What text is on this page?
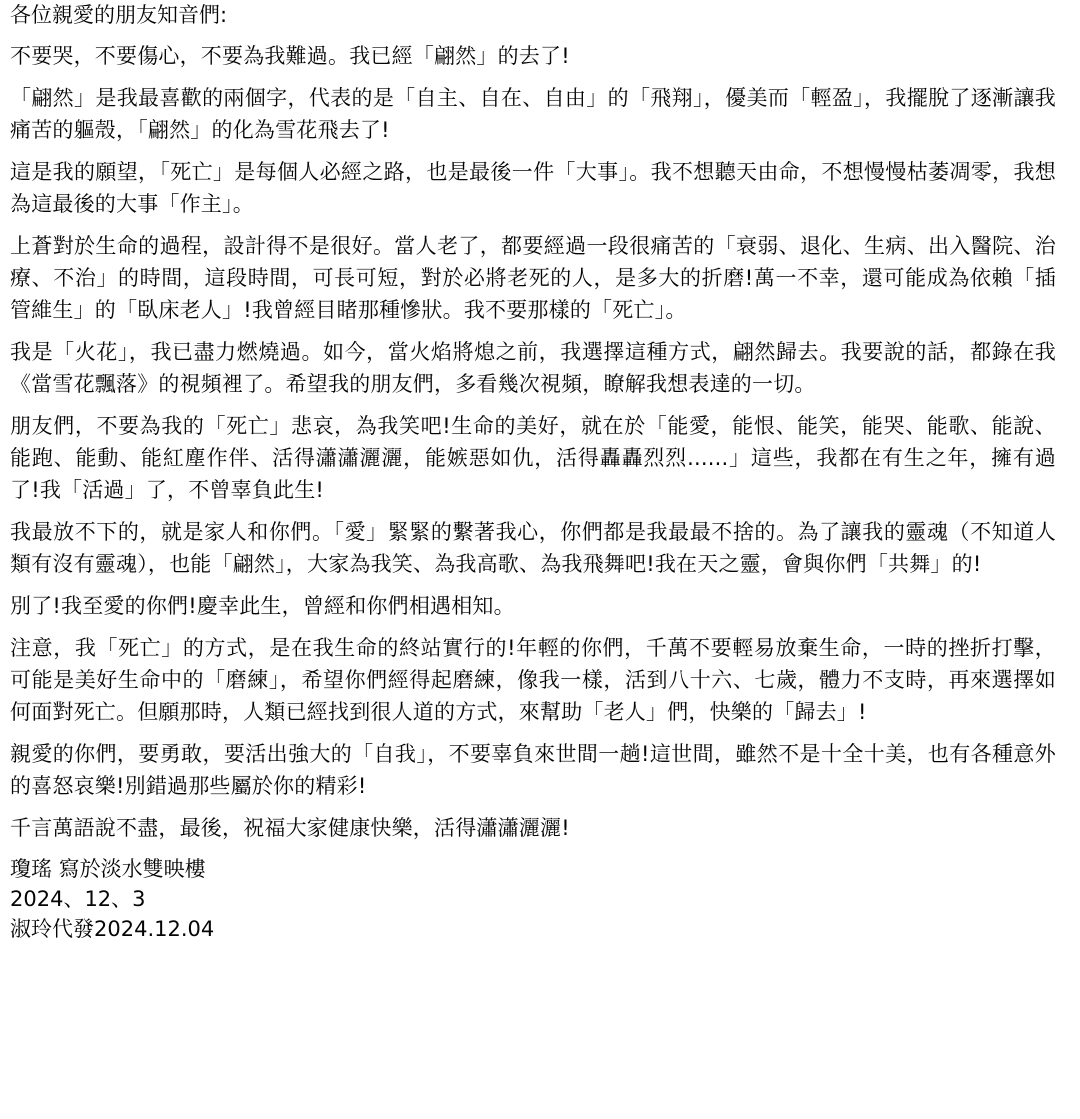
各位親愛的朋友知音們:

不要哭，不要傷心，不要為我難過。我已經「翩然」的去了!

「翩然」是我最喜歡的兩個字，代表的是「自主、自在、自由」的「飛翔」，優美而「輕盈」，我擺脫了逐漸讓我痛苦的軀殼，「翩然」的化為雪花飛去了!

這是我的願望，「死亡」是每個人必經之路，也是最後一件「大事」。我不想聽天由命，不想慢慢枯萎凋零，我想為這最後的大事「作主」。

上蒼對於生命的過程，設計得不是很好。當人老了，都要經過一段很痛苦的「衰弱、退化、生病、出入醫院、治療、不治」的時間，這段時間，可長可短，對於必將老死的人，是多大的折磨!萬一不幸，還可能成為依賴「插管維生」的「臥床老人」!我曾經目睹那種慘狀。我不要那樣的「死亡」。

我是「火花」，我已盡力燃燒過。如今，當火焰將熄之前，我選擇這種方式，翩然歸去。我要說的話，都錄在我《當雪花飄落》的視頻裡了。希望我的朋友們，多看幾次視頻，瞭解我想表達的一切。

朋友們，不要為我的「死亡」悲哀，為我笑吧!生命的美好，就在於「能愛，能恨、能笑，能哭、能歌、能說、能跑、能動、能紅塵作伴、活得瀟瀟灑灑，能嫉惡如仇，活得轟轟烈烈......」這些，我都在有生之年，擁有過了!我「活過」了，不曾辜負此生!

我最放不下的，就是家人和你們。「愛」緊緊的繫著我心，你們都是我最最不捨的。為了讓我的靈魂（不知道人類有沒有靈魂），也能「翩然」，大家為我笑、為我高歌、為我飛舞吧!我在天之靈，會與你們「共舞」的!

別了!我至愛的你們!慶幸此生，曾經和你們相遇相知。

注意，我「死亡」的方式，是在我生命的終站實行的!年輕的你們，千萬不要輕易放棄生命，一時的挫折打擊，可能是美好生命中的「磨練」，希望你們經得起磨練，像我一樣，活到八十六、七歲，體力不支時，再來選擇如何面對死亡。但願那時，人類已經找到很人道的方式，來幫助「老人」們，快樂的「歸去」!

親愛的你們，要勇敢，要活出強大的「自我」，不要辜負來世間一趟!這世間，雖然不是十全十美，也有各種意外的喜怒哀樂!別錯過那些屬於你的精彩!

千言萬語說不盡，最後，祝福大家健康快樂，活得瀟瀟灑灑!

瓊瑤 寫於淡水雙映樓
2024、12、3
淑玲代發2024.12.04
